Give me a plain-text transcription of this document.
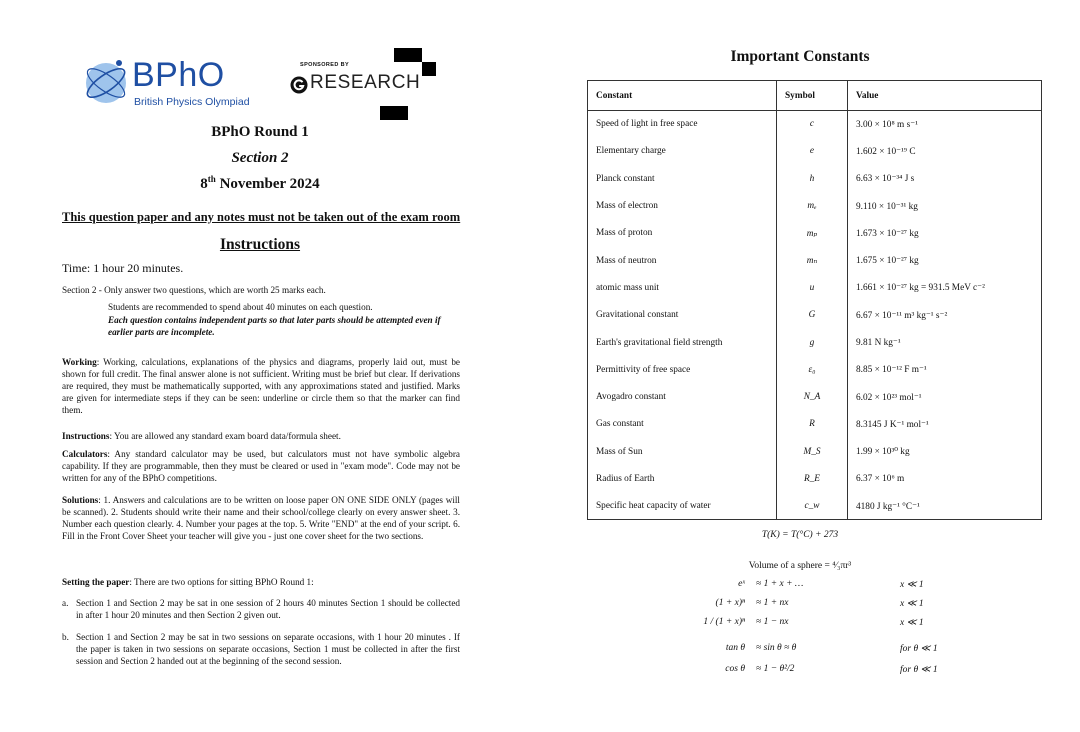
BPhO
British Physics Olympiad
SPONSORED BY
RESEARCH
BPhO Round 1
Section 2
8th November 2024
This question paper and any notes must not be taken out of the exam room
Instructions
Time: 1 hour 20 minutes.
Section 2 - Only answer two questions, which are worth 25 marks each.
Students are recommended to spend about 40 minutes on each question.
Each question contains independent parts so that later parts should be attempted even if earlier parts are incomplete.
Working: Working, calculations, explanations of the physics and diagrams, properly laid out, must be shown for full credit. The final answer alone is not sufficient. Writing must be brief but clear. If derivations are required, they must be mathematically supported, with any approximations stated and justified. Marks are given for intermediate steps if they can be seen: underline or circle them so that the marker can find them.
Instructions: You are allowed any standard exam board data/formula sheet.
Calculators: Any standard calculator may be used, but calculators must not have symbolic algebra capability. If they are programmable, then they must be cleared or used in "exam mode". Code may not be written for any of the BPhO competitions.
Solutions: 1. Answers and calculations are to be written on loose paper ON ONE SIDE ONLY (pages will be scanned). 2. Students should write their name and their school/college clearly on every answer sheet. 3. Number each question clearly. 4. Number your pages at the top. 5. Write "END" at the end of your script. 6. Fill in the Front Cover Sheet your teacher will give you - just one cover sheet for the two sections.
Setting the paper: There are two options for sitting BPhO Round 1:
a. Section 1 and Section 2 may be sat in one session of 2 hours 40 minutes Section 1 should be collected in after 1 hour 20 minutes and then Section 2 given out.
b. Section 1 and Section 2 may be sat in two sessions on separate occasions, with 1 hour 20 minutes . If the paper is taken in two sessions on separate occasions, Section 1 must be collected in after the first session and Section 2 handed out at the beginning of the second session.
Important Constants
Constant	Symbol	Value
Speed of light in free space	c	3.00 × 10⁸ m s⁻¹
Elementary charge	e	1.602 × 10⁻¹⁹ C
Planck constant	h	6.63 × 10⁻³⁴ J s
Mass of electron	mₑ	9.110 × 10⁻³¹ kg
Mass of proton	mₚ	1.673 × 10⁻²⁷ kg
Mass of neutron	mₙ	1.675 × 10⁻²⁷ kg
atomic mass unit	u	1.661 × 10⁻²⁷ kg = 931.5 MeV c⁻²
Gravitational constant	G	6.67 × 10⁻¹¹ m³ kg⁻¹ s⁻²
Earth's gravitational field strength	g	9.81 N kg⁻¹
Permittivity of free space	ε₀	8.85 × 10⁻¹² F m⁻¹
Avogadro constant	N_A	6.02 × 10²³ mol⁻¹
Gas constant	R	8.3145 J K⁻¹ mol⁻¹
Mass of Sun	M_S	1.99 × 10³⁰ kg
Radius of Earth	R_E	6.37 × 10⁶ m
Specific heat capacity of water	c_w	4180 J kg⁻¹ °C⁻¹
T(K) = T(°C) + 273
Volume of a sphere = ⁴⁄₃πr³
eˣ ≈ 1 + x + …	x ≪ 1
(1 + x)ⁿ ≈ 1 + nx	x ≪ 1
1 / (1 + x)ⁿ ≈ 1 − nx	x ≪ 1
tan θ ≈ sin θ ≈ θ	for θ ≪ 1
cos θ ≈ 1 − θ²/2	for θ ≪ 1
